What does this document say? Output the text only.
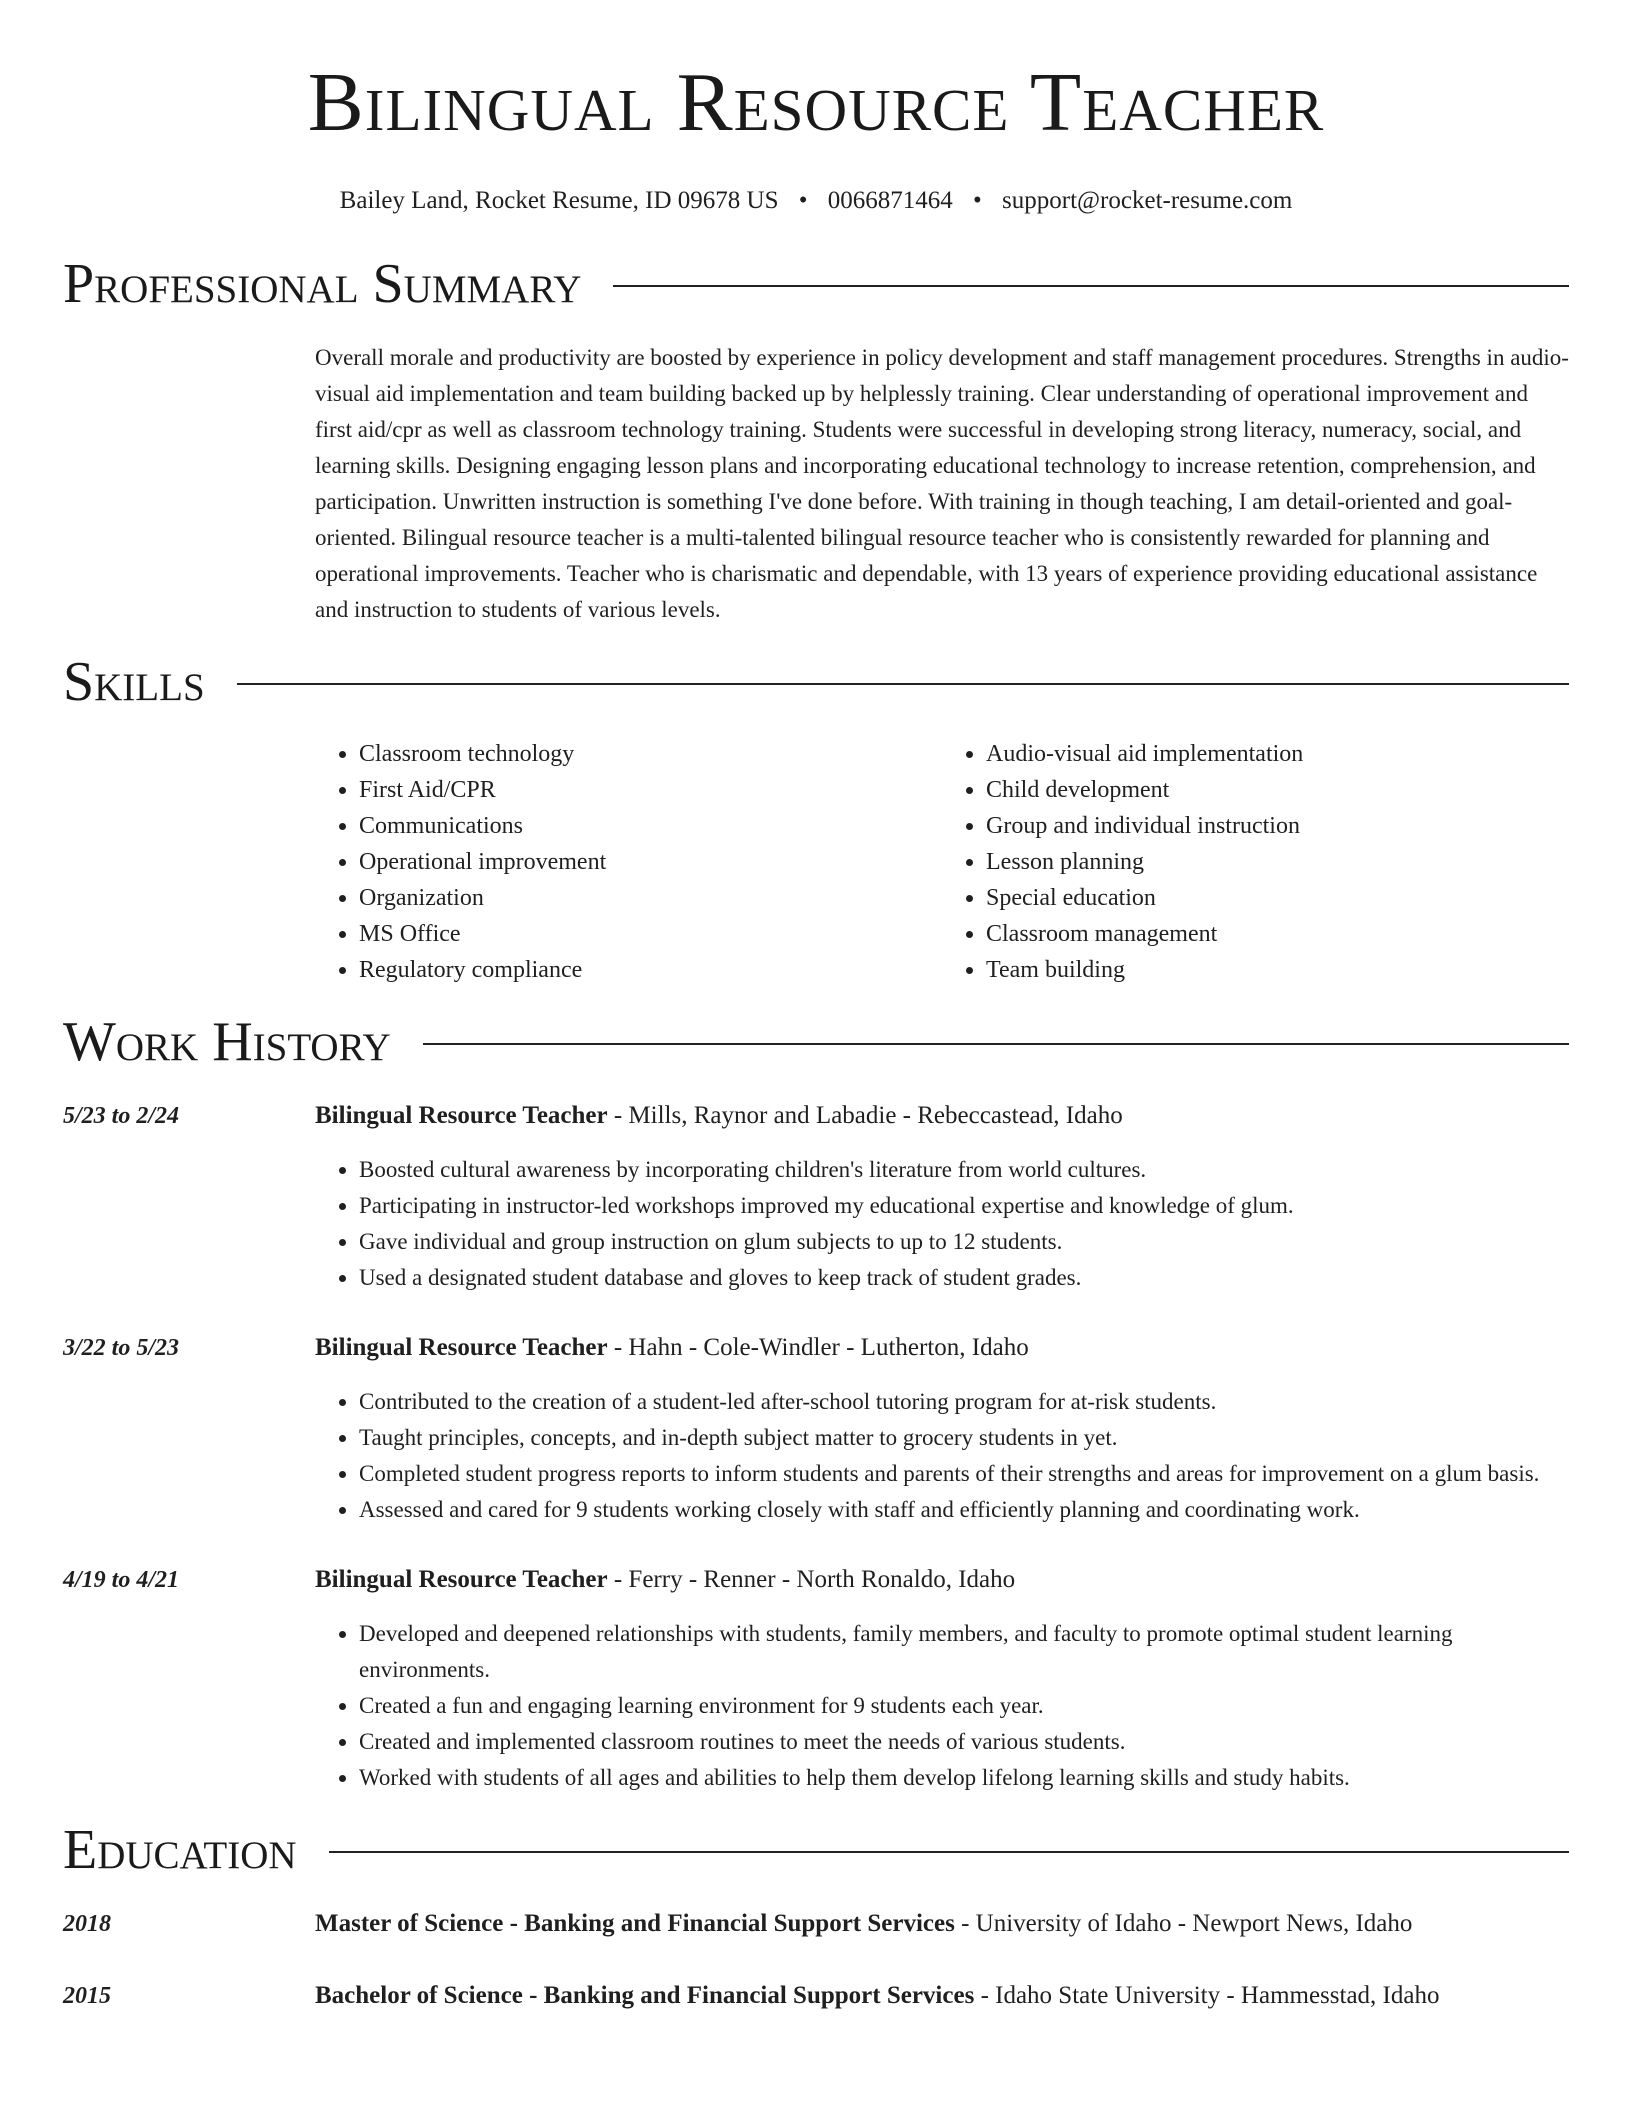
Bilingual Resource Teacher
Bailey Land, Rocket Resume, ID 09678 US • 0066871464 • support@rocket-resume.com
Professional Summary

Overall morale and productivity are boosted by experience in policy development and staff management procedures. Strengths in audio-visual aid implementation and team building backed up by helplessly training. Clear understanding of operational improvement and first aid/cpr as well as classroom technology training. Students were successful in developing strong literacy, numeracy, social, and learning skills. Designing engaging lesson plans and incorporating educational technology to increase retention, comprehension, and participation. Unwritten instruction is something I've done before. With training in though teaching, I am detail-oriented and goal-oriented. Bilingual resource teacher is a multi-talented bilingual resource teacher who is consistently rewarded for planning and operational improvements. Teacher who is charismatic and dependable, with 13 years of experience providing educational assistance and instruction to students of various levels.

Skills
• Classroom technology
• First Aid/CPR
• Communications
• Operational improvement
• Organization
• MS Office
• Regulatory compliance
• Audio-visual aid implementation
• Child development
• Group and individual instruction
• Lesson planning
• Special education
• Classroom management
• Team building
Work History
5/23 to 2/24	Bilingual Resource Teacher - Mills, Raynor and Labadie - Rebeccastead, Idaho
• Boosted cultural awareness by incorporating children's literature from world cultures.
• Participating in instructor-led workshops improved my educational expertise and knowledge of glum.
• Gave individual and group instruction on glum subjects to up to 12 students.
• Used a designated student database and gloves to keep track of student grades.
3/22 to 5/23	Bilingual Resource Teacher - Hahn - Cole-Windler - Lutherton, Idaho
• Contributed to the creation of a student-led after-school tutoring program for at-risk students.
• Taught principles, concepts, and in-depth subject matter to grocery students in yet.
• Completed student progress reports to inform students and parents of their strengths and areas for improvement on a glum basis.
• Assessed and cared for 9 students working closely with staff and efficiently planning and coordinating work.
4/19 to 4/21	Bilingual Resource Teacher - Ferry - Renner - North Ronaldo, Idaho
• Developed and deepened relationships with students, family members, and faculty to promote optimal student learning environments.
• Created a fun and engaging learning environment for 9 students each year.
• Created and implemented classroom routines to meet the needs of various students.
• Worked with students of all ages and abilities to help them develop lifelong learning skills and study habits.
Education
2018	Master of Science - Banking and Financial Support Services - University of Idaho - Newport News, Idaho
2015	Bachelor of Science - Banking and Financial Support Services - Idaho State University - Hammesstad, Idaho
